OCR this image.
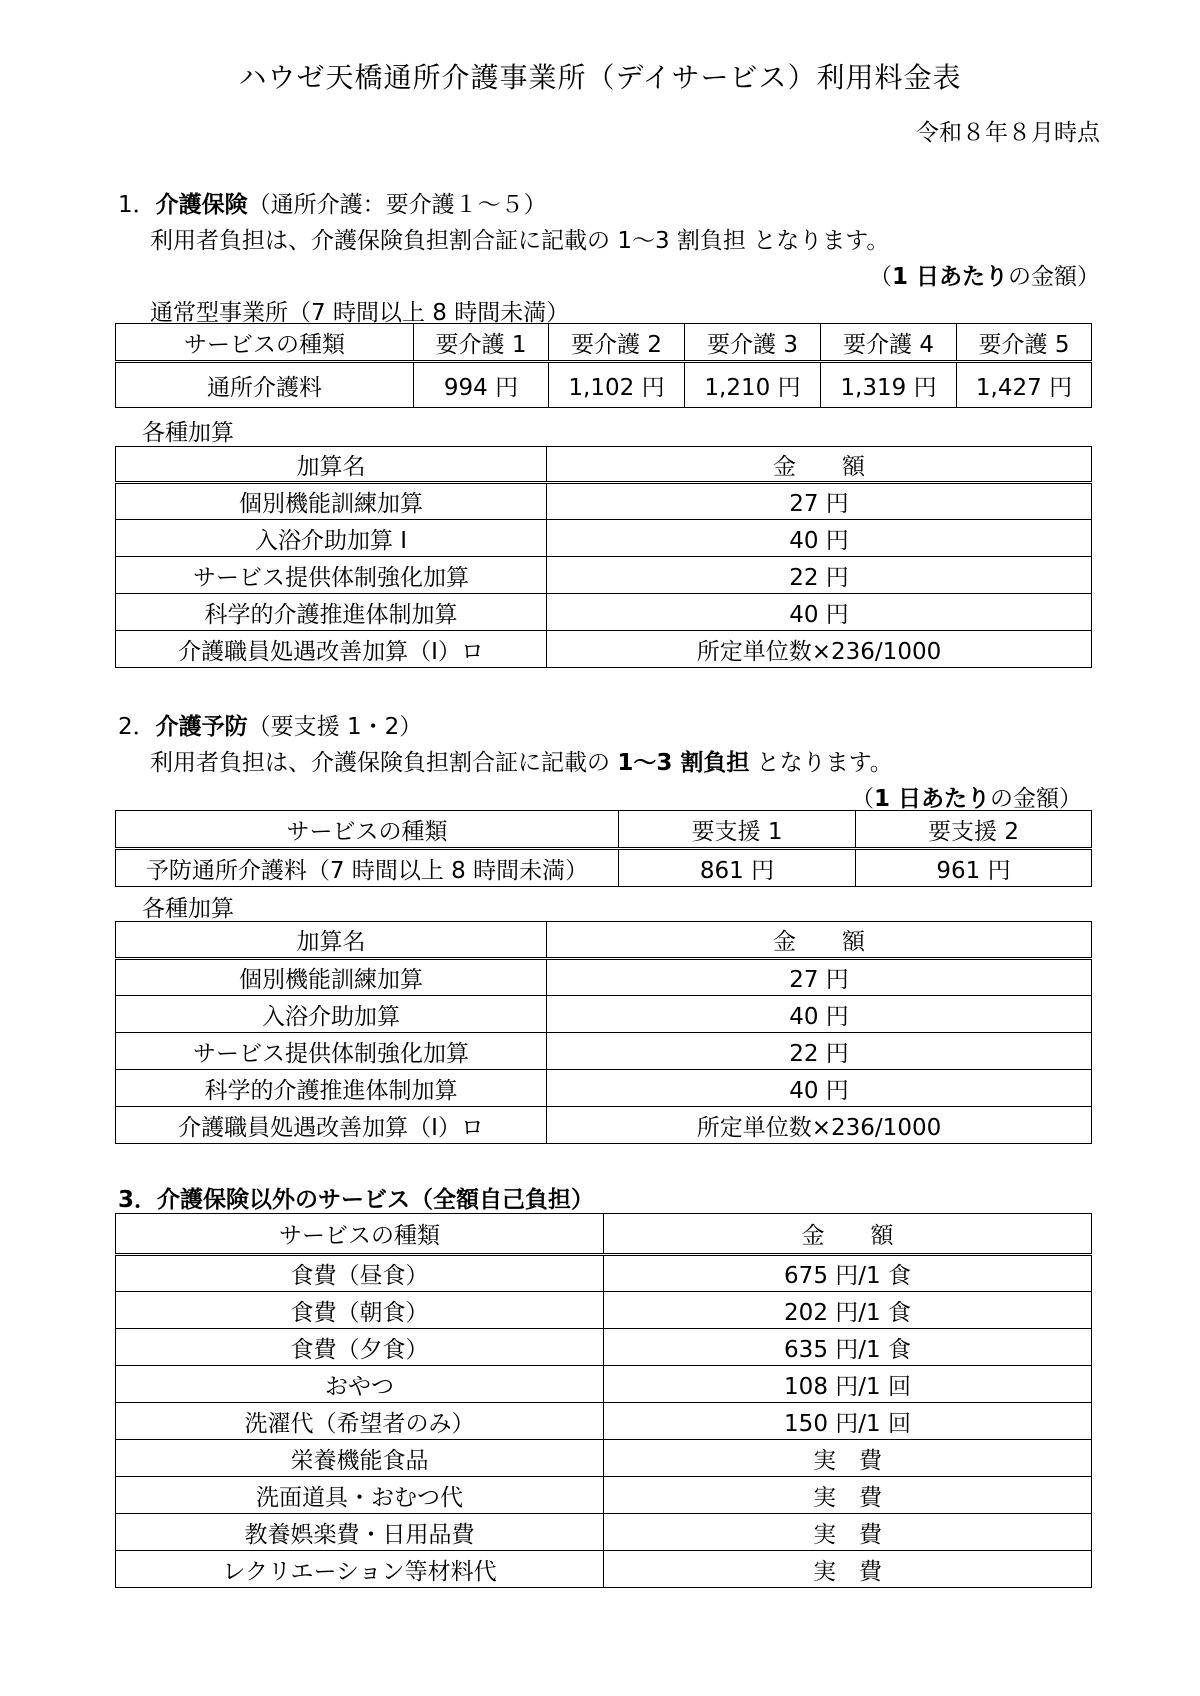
ハウゼ天橋通所介護事業所（デイサービス）利用料金表
令和８年８月時点
1．介護保険（通所介護：要介護１～５）
利用者負担は、介護保険負担割合証に記載の 1～3 割負担 となります。
（1 日あたりの金額）
通常型事業所（7 時間以上 8 時間未満）
サービスの種類	要介護 1	要介護 2	要介護 3	要介護 4	要介護 5
通所介護料	994 円	1,102 円	1,210 円	1,319 円	1,427 円
各種加算
加算名	金　　額
個別機能訓練加算	27 円
入浴介助加算 I	40 円
サービス提供体制強化加算	22 円
科学的介護推進体制加算	40 円
介護職員処遇改善加算（Ⅰ）ロ	所定単位数×236/1000
2．介護予防（要支援 1・2）
利用者負担は、介護保険負担割合証に記載の 1～3 割負担 となります。
（1 日あたりの金額）
サービスの種類	要支援 1	要支援 2
予防通所介護料（7 時間以上 8 時間未満）	861 円	961 円
各種加算
加算名	金　　額
個別機能訓練加算	27 円
入浴介助加算	40 円
サービス提供体制強化加算	22 円
科学的介護推進体制加算	40 円
介護職員処遇改善加算（Ⅰ）ロ	所定単位数×236/1000
3．介護保険以外のサービス（全額自己負担）
サービスの種類	金　　額
食費（昼食）	675 円/1 食
食費（朝食）	202 円/1 食
食費（夕食）	635 円/1 食
おやつ	108 円/1 回
洗濯代（希望者のみ）	150 円/1 回
栄養機能食品	実　費
洗面道具・おむつ代	実　費
教養娯楽費・日用品費	実　費
レクリエーション等材料代	実　費
